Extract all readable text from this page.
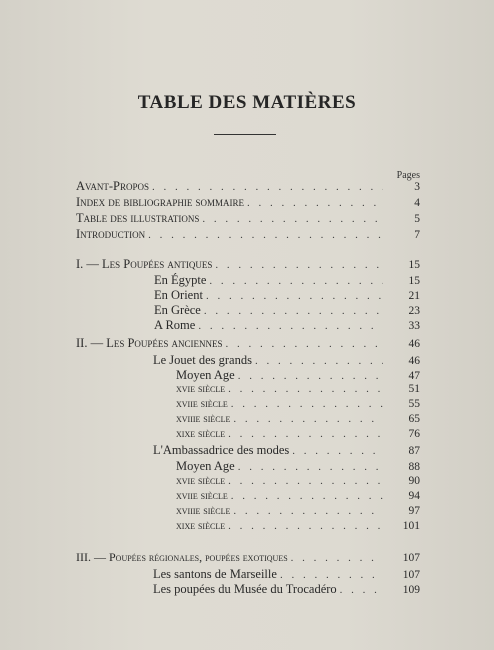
TABLE DES MATIÈRES
Pages
Avant-Propos . . .	3
Index de bibliographie sommaire . . .	4
Table des illustrations . . .	5
Introduction . . .	7
I. — Les Poupées antiques . . .	15
En Égypte . . .	15
En Orient . . .	21
En Grèce . . .	23
A Rome . . .	33
II. — Les Poupées anciennes . . .	46
Le Jouet des grands . . .	46
Moyen Age . . .	47
xvie siècle . . .	51
xviie siècle . . .	55
xviiie siècle . . .	65
xixe siècle . . .	76
L'Ambassadrice des modes . . .	87
Moyen Age . . .	88
xvie siècle . . .	90
xviie siècle . . .	94
xviiie siècle . . .	97
xixe siècle . . .	101
III. — Poupées régionales, poupées exotiques . . .	107
Les santons de Marseille . . .	107
Les poupées du Musée du Trocadéro . . .	109
